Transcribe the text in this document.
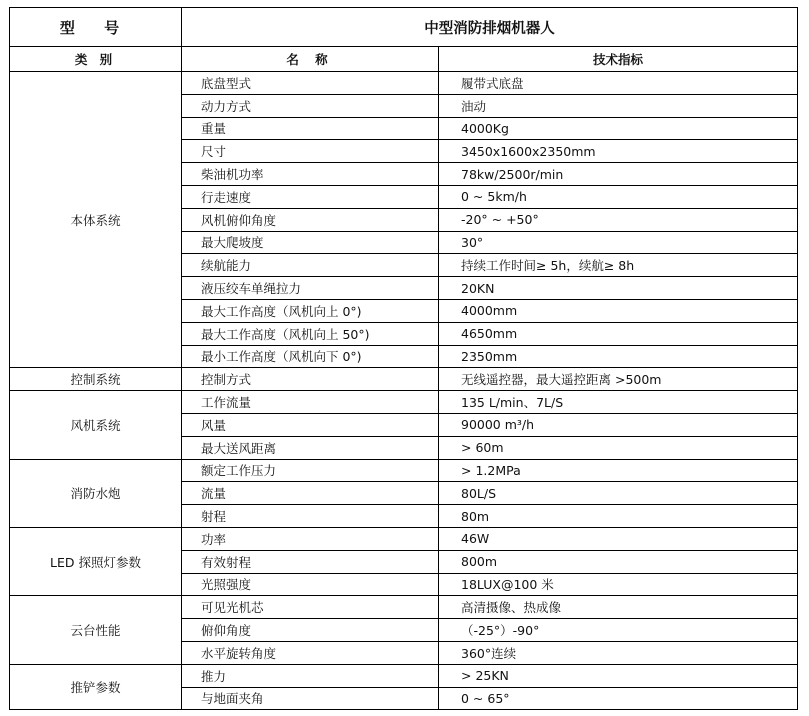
型 号	中型消防排烟机器人	
类 别	名 称	技术指标
本体系统	底盘型式	履带式底盘
	动力方式	油动
	重量	4000Kg
	尺寸	3450x1600x2350mm
	柴油机功率	78kw/2500r/min
	行走速度	0 ~ 5km/h
	风机俯仰角度	-20° ~ +50°
	最大爬坡度	30°
	续航能力	持续工作时间≥ 5h，续航≥ 8h
	液压绞车单绳拉力	20KN
	最大工作高度（风机向上 0°)	4000mm
	最大工作高度（风机向上 50°)	4650mm
	最小工作高度（风机向下 0°)	2350mm
控制系统	控制方式	无线遥控器，最大遥控距离 >500m
风机系统	工作流量	135 L/min、7L/S
	风量	90000 m³/h
	最大送风距离	> 60m
消防水炮	额定工作压力	> 1.2MPa
	流量	80L/S
	射程	80m
LED 探照灯参数	功率	46W
	有效射程	800m
	光照强度	18LUX@100 米
云台性能	可见光机芯	高清摄像、热成像
	俯仰角度	（-25°）-90°
	水平旋转角度	360°连续
推铲参数	推力	> 25KN
	与地面夹角	0 ~ 65°
